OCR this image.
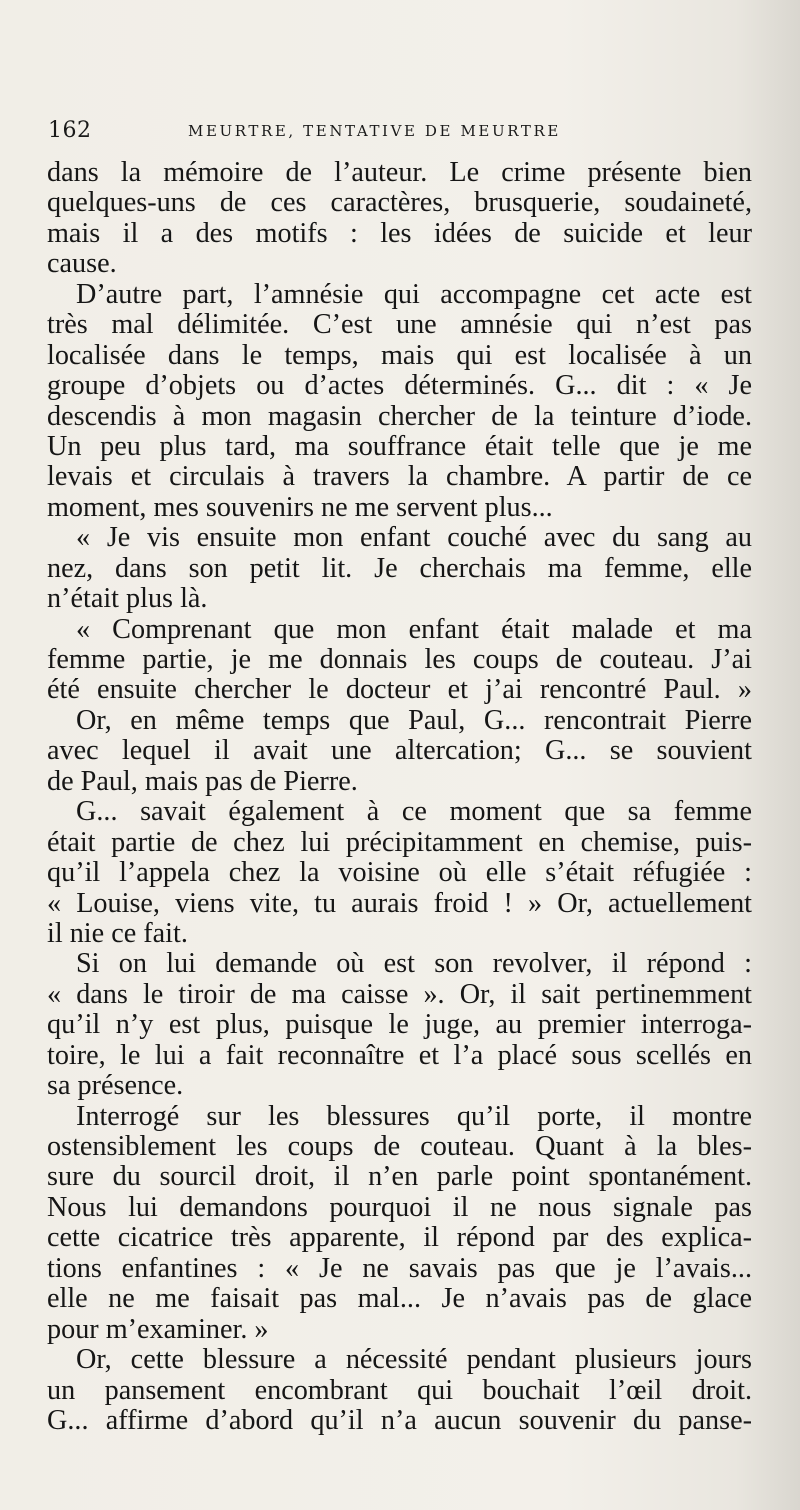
162	MEURTRE, TENTATIVE DE MEURTRE
dans la mémoire de l’auteur. Le crime présente bien
quelques-uns de ces caractères, brusquerie, soudaineté,
mais il a des motifs : les idées de suicide et leur
cause.
D’autre part, l’amnésie qui accompagne cet acte est
très mal délimitée. C’est une amnésie qui n’est pas
localisée dans le temps, mais qui est localisée à un
groupe d’objets ou d’actes déterminés. G... dit : « Je
descendis à mon magasin chercher de la teinture d’iode.
Un peu plus tard, ma souffrance était telle que je me
levais et circulais à travers la chambre. A partir de ce
moment, mes souvenirs ne me servent plus...
« Je vis ensuite mon enfant couché avec du sang au
nez, dans son petit lit. Je cherchais ma femme, elle
n’était plus là.
« Comprenant que mon enfant était malade et ma
femme partie, je me donnais les coups de couteau. J’ai
été ensuite chercher le docteur et j’ai rencontré Paul. »
Or, en même temps que Paul, G... rencontrait Pierre
avec lequel il avait une altercation; G... se souvient
de Paul, mais pas de Pierre.
G... savait également à ce moment que sa femme
était partie de chez lui précipitamment en chemise, puis-
qu’il l’appela chez la voisine où elle s’était réfugiée :
« Louise, viens vite, tu aurais froid ! » Or, actuellement
il nie ce fait.
Si on lui demande où est son revolver, il répond :
« dans le tiroir de ma caisse ». Or, il sait pertinemment
qu’il n’y est plus, puisque le juge, au premier interroga-
toire, le lui a fait reconnaître et l’a placé sous scellés en
sa présence.
Interrogé sur les blessures qu’il porte, il montre
ostensiblement les coups de couteau. Quant à la bles-
sure du sourcil droit, il n’en parle point spontanément.
Nous lui demandons pourquoi il ne nous signale pas
cette cicatrice très apparente, il répond par des explica-
tions enfantines : « Je ne savais pas que je l’avais...
elle ne me faisait pas mal... Je n’avais pas de glace
pour m’examiner. »
Or, cette blessure a nécessité pendant plusieurs jours
un pansement encombrant qui bouchait l’œil droit.
G... affirme d’abord qu’il n’a aucun souvenir du panse-
